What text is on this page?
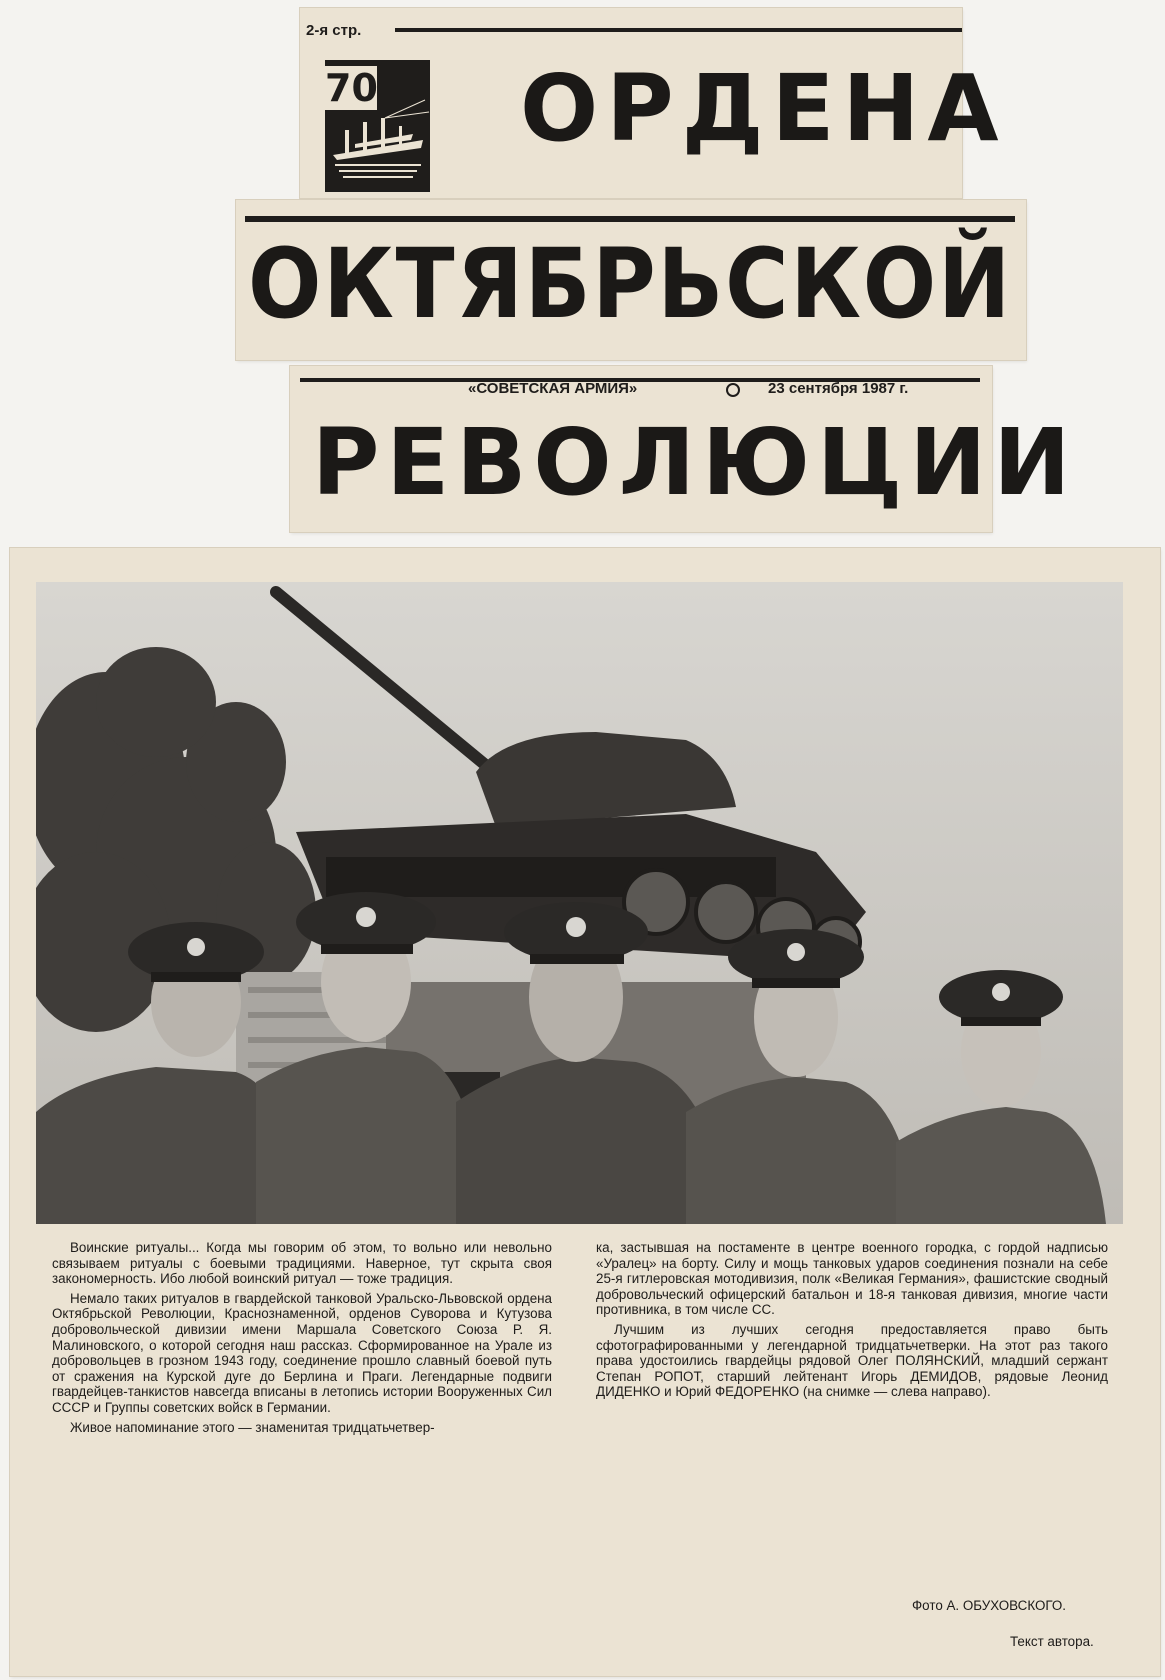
2-я стр.
70 ОРДЕНА
ОКТЯБРЬСКОЙ
«СОВЕТСКАЯ АРМИЯ»	23 сентября 1987 г.
РЕВОЛЮЦИИ

Воинские ритуалы... Когда мы говорим об этом, то вольно или невольно связываем ритуалы с боевыми традициями. Наверное, тут скрыта своя закономерность. Ибо любой воинский ритуал — тоже традиция.

Немало таких ритуалов в гвардейской танковой Уральско-Львовской ордена Октябрьской Революции, Краснознаменной, орденов Суворова и Кутузова добровольческой дивизии имени Маршала Советского Союза Р. Я. Малиновского, о которой сегодня наш рассказ. Сформированное на Урале из добровольцев в грозном 1943 году, соединение прошло славный боевой путь от сражения на Курской дуге до Берлина и Праги. Легендарные подвиги гвардейцев-танкистов навсегда вписаны в летопись истории Вооруженных Сил СССР и Группы советских войск в Германии.

Живое напоминание этого — знаменитая тридцатьчетвер-

ка, застывшая на постаменте в центре военного городка, с гордой надписью «Уралец» на борту. Силу и мощь танковых ударов соединения познали на себе 25-я гитлеровская мотодивизия, полк «Великая Германия», фашистские сводный добровольческий офицерский батальон и 18-я танковая дивизия, многие части противника, в том числе СС.

Лучшим из лучших сегодня предоставляется право быть сфотографированными у легендарной тридцатьчетверки. На этот раз такого права удостоились гвардейцы рядовой Олег ПОЛЯНСКИЙ, младший сержант Степан РОПОТ, старший лейтенант Игорь ДЕМИДОВ, рядовые Леонид ДИДЕНКО и Юрий ФЕДОРЕНКО (на снимке — слева направо).

Фото А. ОБУХОВСКОГО.
Текст автора.
